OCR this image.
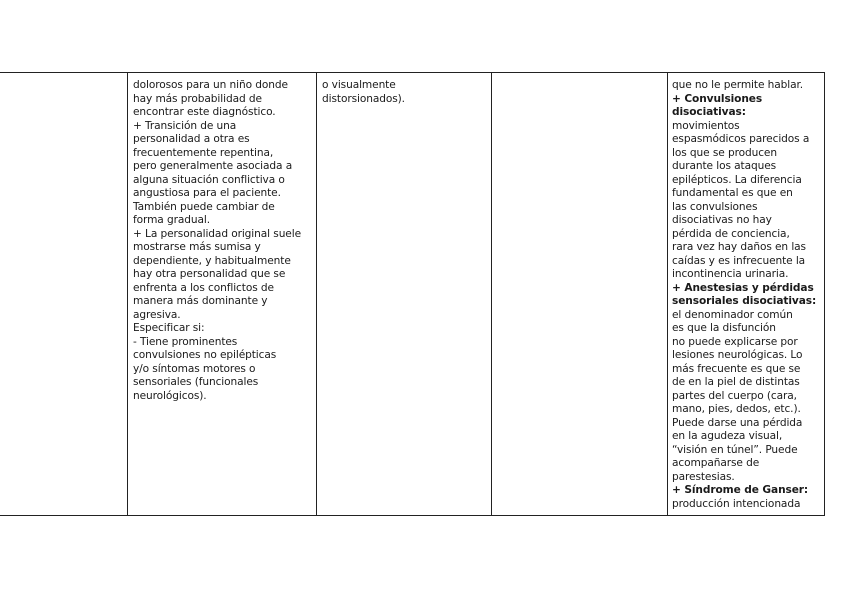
dolorosos para un niño donde
hay más probabilidad de
encontrar este diagnóstico.
+ Transición de una
personalidad a otra es
frecuentemente repentina,
pero generalmente asociada a
alguna situación conflictiva o
angustiosa para el paciente.
También puede cambiar de
forma gradual.
+ La personalidad original suele
mostrarse más sumisa y
dependiente, y habitualmente
hay otra personalidad que se
enfrenta a los conflictos de
manera más dominante y
agresiva.
Especificar si:
- Tiene prominentes
convulsiones no epilépticas
y/o síntomas motores o
sensoriales (funcionales
neurológicos).
o visualmente
distorsionados).
que no le permite hablar.
+ Convulsiones
disociativas:
movimientos
espasmódicos parecidos a
los que se producen
durante los ataques
epilépticos. La diferencia
fundamental es que en
las convulsiones
disociativas no hay
pérdida de conciencia,
rara vez hay daños en las
caídas y es infrecuente la
incontinencia urinaria.
+ Anestesias y pérdidas
sensoriales disociativas:
el denominador común
es que la disfunción
no puede explicarse por
lesiones neurológicas. Lo
más frecuente es que se
de en la piel de distintas
partes del cuerpo (cara,
mano, pies, dedos, etc.).
Puede darse una pérdida
en la agudeza visual,
“visión en túnel”. Puede
acompañarse de
parestesias.
+ Síndrome de Ganser:
producción intencionada
